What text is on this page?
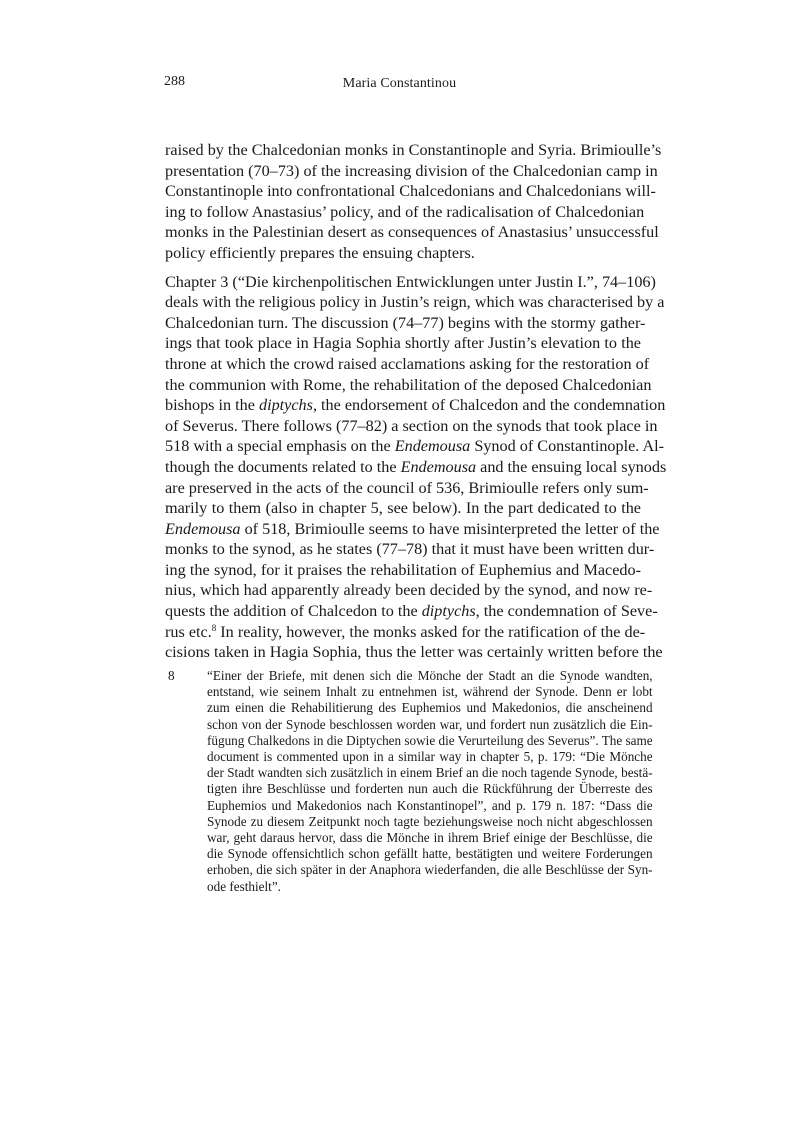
288	Maria Constantinou

raised by the Chalcedonian monks in Constantinople and Syria. Brimioulle’s
presentation (70–73) of the increasing division of the Chalcedonian camp in
Constantinople into confrontational Chalcedonians and Chalcedonians will-
ing to follow Anastasius’ policy, and of the radicalisation of Chalcedonian
monks in the Palestinian desert as consequences of Anastasius’ unsuccessful
policy efficiently prepares the ensuing chapters.

Chapter 3 (“Die kirchenpolitischen Entwicklungen unter Justin I.”, 74–106)
deals with the religious policy in Justin’s reign, which was characterised by a
Chalcedonian turn. The discussion (74–77) begins with the stormy gather-
ings that took place in Hagia Sophia shortly after Justin’s elevation to the
throne at which the crowd raised acclamations asking for the restoration of
the communion with Rome, the rehabilitation of the deposed Chalcedonian
bishops in the diptychs, the endorsement of Chalcedon and the condemnation
of Severus. There follows (77–82) a section on the synods that took place in
518 with a special emphasis on the Endemousa Synod of Constantinople. Al-
though the documents related to the Endemousa and the ensuing local synods
are preserved in the acts of the council of 536, Brimioulle refers only sum-
marily to them (also in chapter 5, see below). In the part dedicated to the
Endemousa of 518, Brimioulle seems to have misinterpreted the letter of the
monks to the synod, as he states (77–78) that it must have been written dur-
ing the synod, for it praises the rehabilitation of Euphemius and Macedo-
nius, which had apparently already been decided by the synod, and now re-
quests the addition of Chalcedon to the diptychs, the condemnation of Seve-
rus etc.$^8$ In reality, however, the monks asked for the ratification of the de-
cisions taken in Hagia Sophia, thus the letter was certainly written before the

8	“Einer der Briefe, mit denen sich die Mönche der Stadt an die Synode wandten,
entstand, wie seinem Inhalt zu entnehmen ist, während der Synode. Denn er lobt
zum einen die Rehabilitierung des Euphemios und Makedonios, die anscheinend
schon von der Synode beschlossen worden war, und fordert nun zusätzlich die Ein-
fügung Chalkedons in die Diptychen sowie die Verurteilung des Severus”. The same
document is commented upon in a similar way in chapter 5, p. 179: “Die Mönche
der Stadt wandten sich zusätzlich in einem Brief an die noch tagende Synode, bestä-
tigten ihre Beschlüsse und forderten nun auch die Rückführung der Überreste des
Euphemios und Makedonios nach Konstantinopel”, and p. 179 n. 187: “Dass die
Synode zu diesem Zeitpunkt noch tagte beziehungsweise noch nicht abgeschlossen
war, geht daraus hervor, dass die Mönche in ihrem Brief einige der Beschlüsse, die
die Synode offensichtlich schon gefällt hatte, bestätigten und weitere Forderungen
erhoben, die sich später in der Anaphora wiederfanden, die alle Beschlüsse der Syn-
ode festhielt”.
